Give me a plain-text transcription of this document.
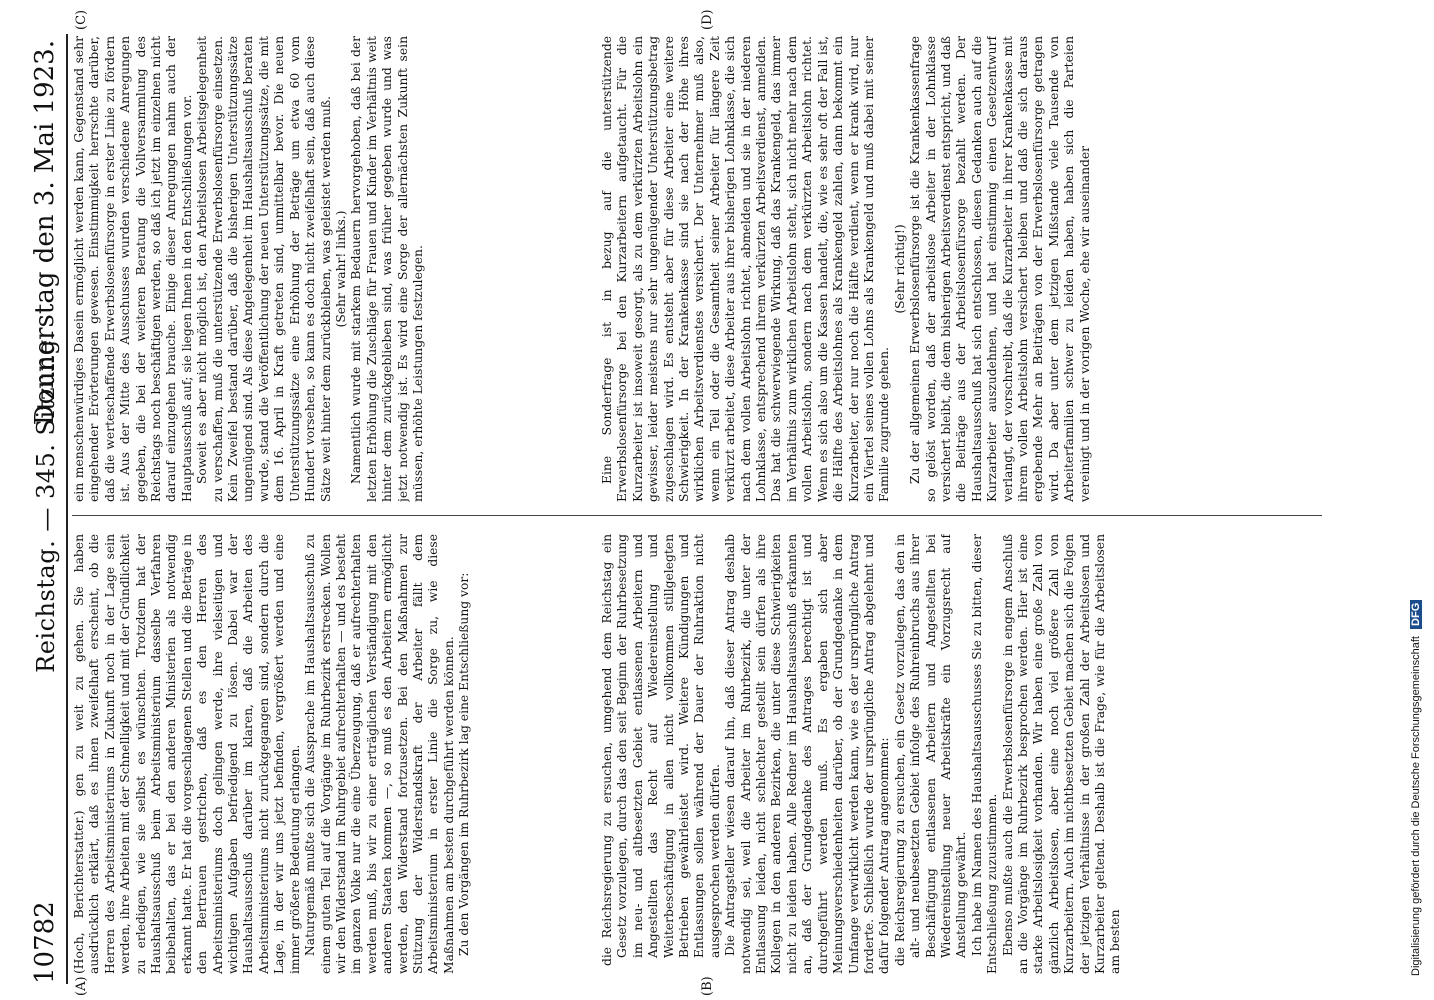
10782
Reichstag. — 345. Sitzung.
Donnerstag den 3. Mai 1923.
(A)	(B)
(C)	(D)

(Hoch, Berichterstatter.) gen zu weit zu gehen. Sie haben ausdrücklich erklärt, daß es ihnen zweifelhaft erscheint, ob die Herren des Arbeitsministeriums in Zukunft noch in der Lage sein werden, ihre Arbeiten mit der Schnelligkeit und mit der Gründlichkeit zu erledigen, wie sie selbst es wünschten. Trotzdem hat der Haushaltsausschuß beim Arbeitsministerium dasselbe Verfahren beibehalten, das er bei den anderen Ministerien als notwendig erkannt hatte. Er hat die vorgeschlagenen Stellen und die Beträge in den Bertrauen gestrichen, daß es den Herren des Arbeitsministeriums doch gelingen werde, ihre vielseitigen und wichtigen Aufgaben befriedigend zu lösen. Dabei war der Haushaltsausschuß darüber im klaren, daß die Arbeiten des Arbeitsministeriums nicht zurückgegangen sind, sondern durch die Lage, in der wir uns jetzt befinden, vergrößert werden und eine immer größere Bedeutung erlangen. Naturgemäß mußte sich die Aussprache im Haushaltsausschuß zu einem guten Teil auf die Vorgänge im Ruhrbezirk erstrecken. Wollen wir den Widerstand im Ruhrgebiet aufrechterhalten — und es besteht im ganzen Volke nur die eine Überzeugung, daß er aufrechterhalten werden muß, bis wir zu einer erträglichen Verständigung mit den anderen Staaten kommen —, so muß es den Arbeitern ermöglicht werden, den Widerstand fortzusetzen. Bei den Maßnahmen zur Stützung der Widerstandskraft der Arbeiter fällt dem Arbeitsministerium in erster Linie die Sorge zu, wie diese Maßnahmen am besten durchgeführt werden können. Zu den Vorgängen im Ruhrbezirk lag eine Entschließung vor:	die Reichsregierung zu ersuchen, umgehend dem Reichstag ein Gesetz vorzulegen, durch das den seit Beginn der Ruhrbesetzung im neu- und altbesetzten Gebiet entlassenen Arbeitern und Angestellten das Recht auf Wiedereinstellung und Weiterbeschäftigung in allen nicht vollkommen stillgelegten Betrieben gewährleistet wird. Weitere Kündigungen und Entlassungen sollen während der Dauer der Ruhraktion nicht ausgesprochen werden dürfen. Die Antragsteller wiesen darauf hin, daß dieser Antrag deshalb notwendig sei, weil die Arbeiter im Ruhrbezirk, die unter der Entlassung leiden, nicht schlechter gestellt sein dürfen als ihre Kollegen in den anderen Bezirken, die unter diese Schwierigkeiten nicht zu leiden haben. Alle Redner im Haushaltsausschuß erkannten an, daß der Grundgedanke des Antrages berechtigt ist und durchgeführt werden muß. Es ergaben sich aber Meinungsverschiedenheiten darüber, ob der Grundgedanke in dem Umfange verwirklicht werden kann, wie es der ursprüngliche Antrag forderte. Schließlich wurde der ursprüngliche Antrag abgelehnt und dafür folgender Antrag angenommen: die Reichsregierung zu ersuchen, ein Gesetz vorzulegen, das den in alt- und neubesetzten Gebiet infolge des Ruhreinbruchs aus ihrer Beschäftigung entlassenen Arbeitern und Angestellten bei Wiedereinstellung neuer Arbeitskräfte ein Vorzugsrecht auf Anstellung gewährt. Ich habe im Namen des Haushaltsausschusses Sie zu bitten, dieser Entschließung zuzustimmen. Ebenso mußte auch die Erwerbslosenfürsorge in engem Anschluß an die Vorgänge im Ruhrbezirk besprochen werden. Hier ist eine starke Arbeitslosigkeit vorhanden. Wir haben eine große Zahl von gänzlich Arbeitslosen, aber eine noch viel größere Zahl von Kurzarbeitern. Auch im nichtbesetzten Gebiet machen sich die Folgen der jetzigen Verhältnisse in der großen Zahl der Arbeitslosen und Kurzarbeiter geltend. Deshalb ist die Frage, wie für die Arbeitslosen am besten

ein menschenwürdiges Dasein ermöglicht werden kann, Gegenstand sehr eingehender Erörterungen gewesen. Einstimmigkeit herrschte darüber, daß die werteschaffende Erwerbslosenfürsorge in erster Linie zu fördern ist. Aus der Mitte des Ausschusses wurden verschiedene Anregungen gegeben, die bei der weiteren Beratung die Vollversammlung des Reichstags noch beschäftigen werden, so daß ich jetzt im einzelnen nicht darauf einzugehen brauche. Einige dieser Anregungen nahm auch der Hauptausschuß auf; sie liegen Ihnen in den Entschließungen vor. Soweit es aber nicht möglich ist, den Arbeitslosen Arbeitsgelegenheit zu verschaffen, muß die unterstützende Erwerbslosenfürsorge einsetzen. Kein Zweifel bestand darüber, daß die bisherigen Unterstützungssätze ungenügend sind. Als diese Angelegenheit im Haushaltsausschuß beraten wurde, stand die Veröffentlichung der neuen Unterstützungssätze, die mit dem 16. April in Kraft getreten sind, unmittelbar bevor. Die neuen Unterstützungssätze eine Erhöhung der Beträge um etwa 60 vom Hundert vorsehen, so kann es doch nicht zweifelhaft sein, daß auch diese Sätze weit hinter dem zurückbleiben, was geleistet werden muß. (Sehr wahr! links.) Namentlich wurde mit starkem Bedauern hervorgehoben, daß bei der letzten Erhöhung die Zuschläge für Frauen und Kinder im Verhältnis weit hinter dem zurückgeblieben sind, was früher gegeben wurde und was jetzt notwendig ist. Es wird eine Sorge der allernächsten Zukunft sein müssen, erhöhte Leistungen festzulegen.	Eine Sonderfrage ist in bezug auf die unterstützende Erwerbslosenfürsorge bei den Kurzarbeitern aufgetaucht. Für die Kurzarbeiter ist insoweit gesorgt, als zu dem verkürzten Arbeitslohn ein gewisser, leider meistens nur sehr ungenügender Unterstützungsbetrag zugeschlagen wird. Es entsteht aber für diese Arbeiter eine weitere Schwierigkeit. In der Krankenkasse sind sie nach der Höhe ihres wirklichen Arbeitsverdienstes versichert. Der Unternehmer muß also, wenn ein Teil oder die Gesamtheit seiner Arbeiter für längere Zeit verkürzt arbeitet, diese Arbeiter aus ihrer bisherigen Lohnklasse, die sich nach dem vollen Arbeitslohn richtet, abmelden und sie in der niederen Lohnklasse, entsprechend ihrem verkürzten Arbeitsverdienst, anmelden. Das hat die schwerwiegende Wirkung, daß das Krankengeld, das immer im Verhältnis zum wirklichen Arbeitslohn steht, sich nicht mehr nach dem vollen Arbeitslohn, sondern nach dem verkürzten Arbeitslohn richtet. Wenn es sich also um die Kassen handelt, die, wie es sehr oft der Fall ist, die Hälfte des Arbeitslohnes als Krankengeld zahlen, dann bekommt ein Kurzarbeiter, der nur noch die Hälfte verdient, wenn er krank wird, nur ein Viertel seines vollen Lohns als Krankengeld und muß dabei mit seiner Familie zugrunde gehen.

(Sehr richtig!) Zu der allgemeinen Erwerbslosenfürsorge ist die Krankenkassenfrage so gelöst worden, daß der arbeitslose Arbeiter in der Lohnklasse versichert bleibt, die dem bisherigen Arbeitsverdienst entspricht, und daß die Beiträge aus der Arbeitslosenfürsorge bezahlt werden. Der Haushaltsausschuß hat sich entschlossen, diesen Gedanken auch auf die Kurzarbeiter auszudehnen, und hat einstimmig einen Gesetzentwurf verlangt, der vorschreibt, daß die Kurzarbeiter in ihrer Krankenkasse mit ihrem vollen Arbeitslohn versichert bleiben und daß die sich daraus ergebende Mehr an Beiträgen von der Erwerbslosenfürsorge getragen wird. Da aber unter dem jetzigen Mißstande viele Tausende von Arbeiterfamilien schwer zu leiden haben, haben sich die Parteien vereinigt und in der vorigen Woche, ehe wir auseinander

Digitalisierung gefördert durch die Deutsche Forschungsgemeinschaft DFG
